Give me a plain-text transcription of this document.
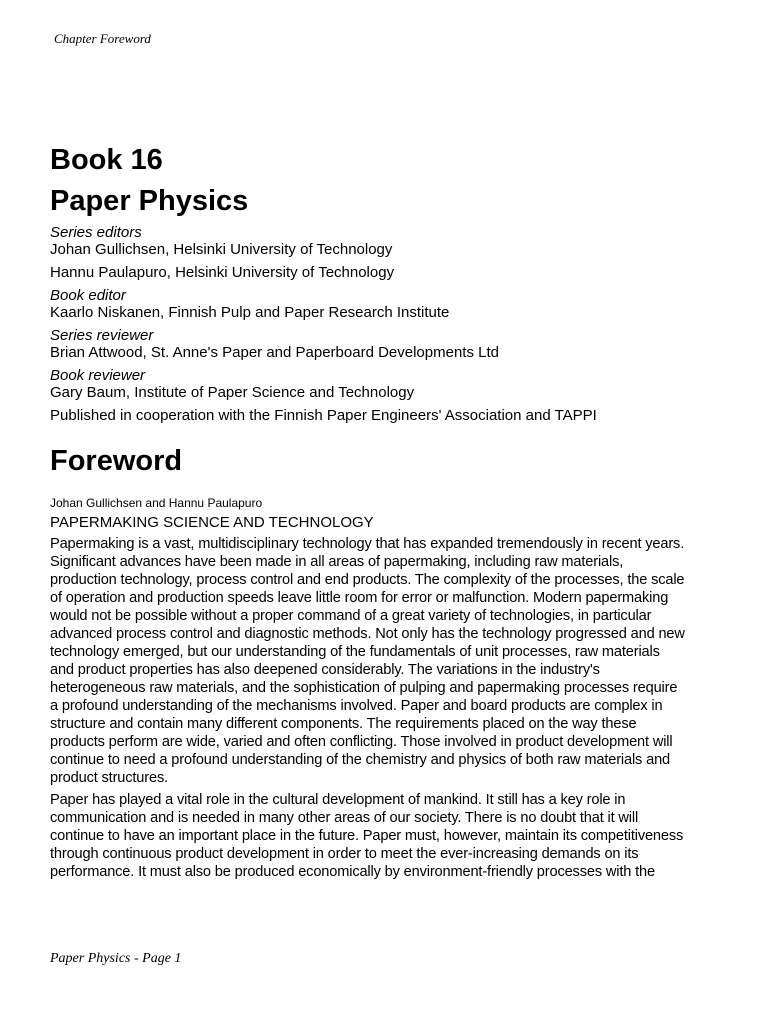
Chapter Foreword

Book 16
Paper Physics

Series editors

Johan Gullichsen, Helsinki University of Technology

Hannu Paulapuro, Helsinki University of Technology

Book editor

Kaarlo Niskanen, Finnish Pulp and Paper Research Institute

Series reviewer

Brian Attwood, St. Anne's Paper and Paperboard Developments Ltd

Book reviewer

Gary Baum, Institute of Paper Science and Technology

Published in cooperation with the Finnish Paper Engineers' Association and TAPPI

Foreword

Johan Gullichsen and Hannu Paulapuro

PAPERMAKING SCIENCE AND TECHNOLOGY

Papermaking is a vast, multidisciplinary technology that has expanded tremendously in recent years.
Significant advances have been made in all areas of papermaking, including raw materials,
production technology, process control and end products. The complexity of the processes, the scale
of operation and production speeds leave little room for error or malfunction. Modern papermaking
would not be possible without a proper command of a great variety of technologies, in particular
advanced process control and diagnostic methods. Not only has the technology progressed and new
technology emerged, but our understanding of the fundamentals of unit processes, raw materials
and product properties has also deepened considerably. The variations in the industry's
heterogeneous raw materials, and the sophistication of pulping and papermaking processes require
a profound understanding of the mechanisms involved. Paper and board products are complex in
structure and contain many different components. The requirements placed on the way these
products perform are wide, varied and often conflicting. Those involved in product development will
continue to need a profound understanding of the chemistry and physics of both raw materials and
product structures.

Paper has played a vital role in the cultural development of mankind. It still has a key role in
communication and is needed in many other areas of our society. There is no doubt that it will
continue to have an important place in the future. Paper must, however, maintain its competitiveness
through continuous product development in order to meet the ever-increasing demands on its
performance. It must also be produced economically by environment-friendly processes with the

Paper Physics - Page 1
